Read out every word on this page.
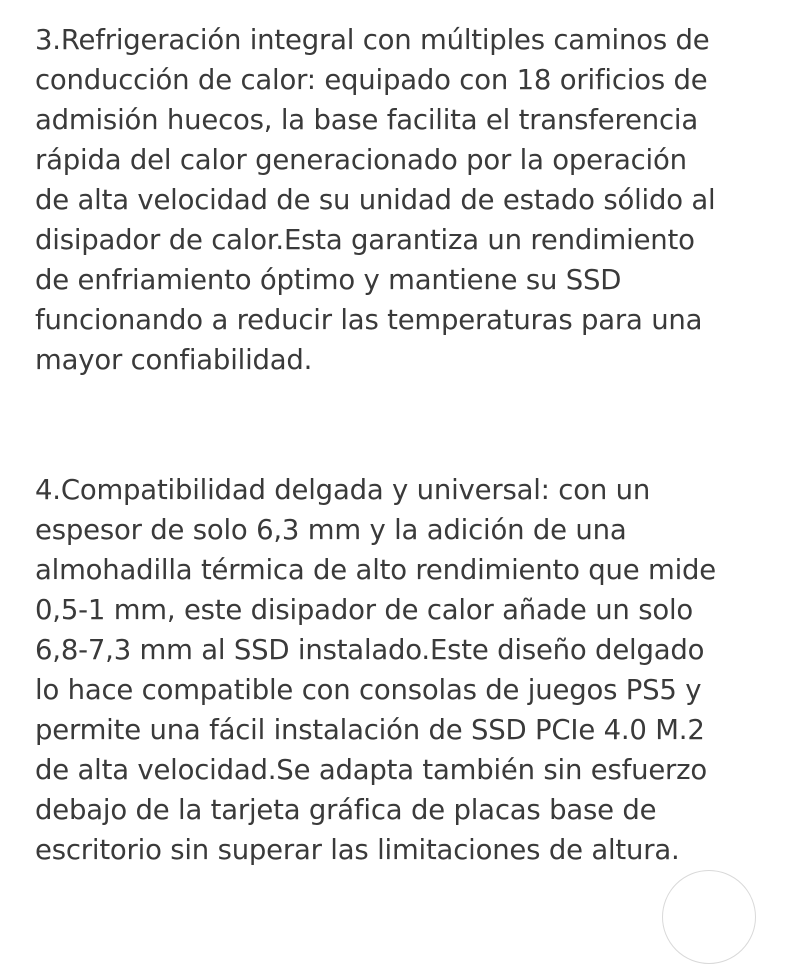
3.Refrigeración integral con múltiples caminos de
conducción de calor: equipado con 18 orificios de
admisión huecos, la base facilita el transferencia
rápida del calor generacionado por la operación
de alta velocidad de su unidad de estado sólido al
disipador de calor.Esta garantiza un rendimiento
de enfriamiento óptimo y mantiene su SSD
funcionando a reducir las temperaturas para una
mayor confiabilidad.

4.Compatibilidad delgada y universal: con un
espesor de solo 6,3 mm y la adición de una
almohadilla térmica de alto rendimiento que mide
0,5-1 mm, este disipador de calor añade un solo
6,8-7,3 mm al SSD instalado.Este diseño delgado
lo hace compatible con consolas de juegos PS5 y
permite una fácil instalación de SSD PCIe 4.0 M.2
de alta velocidad.Se adapta también sin esfuerzo
debajo de la tarjeta gráfica de placas base de
escritorio sin superar las limitaciones de altura.
